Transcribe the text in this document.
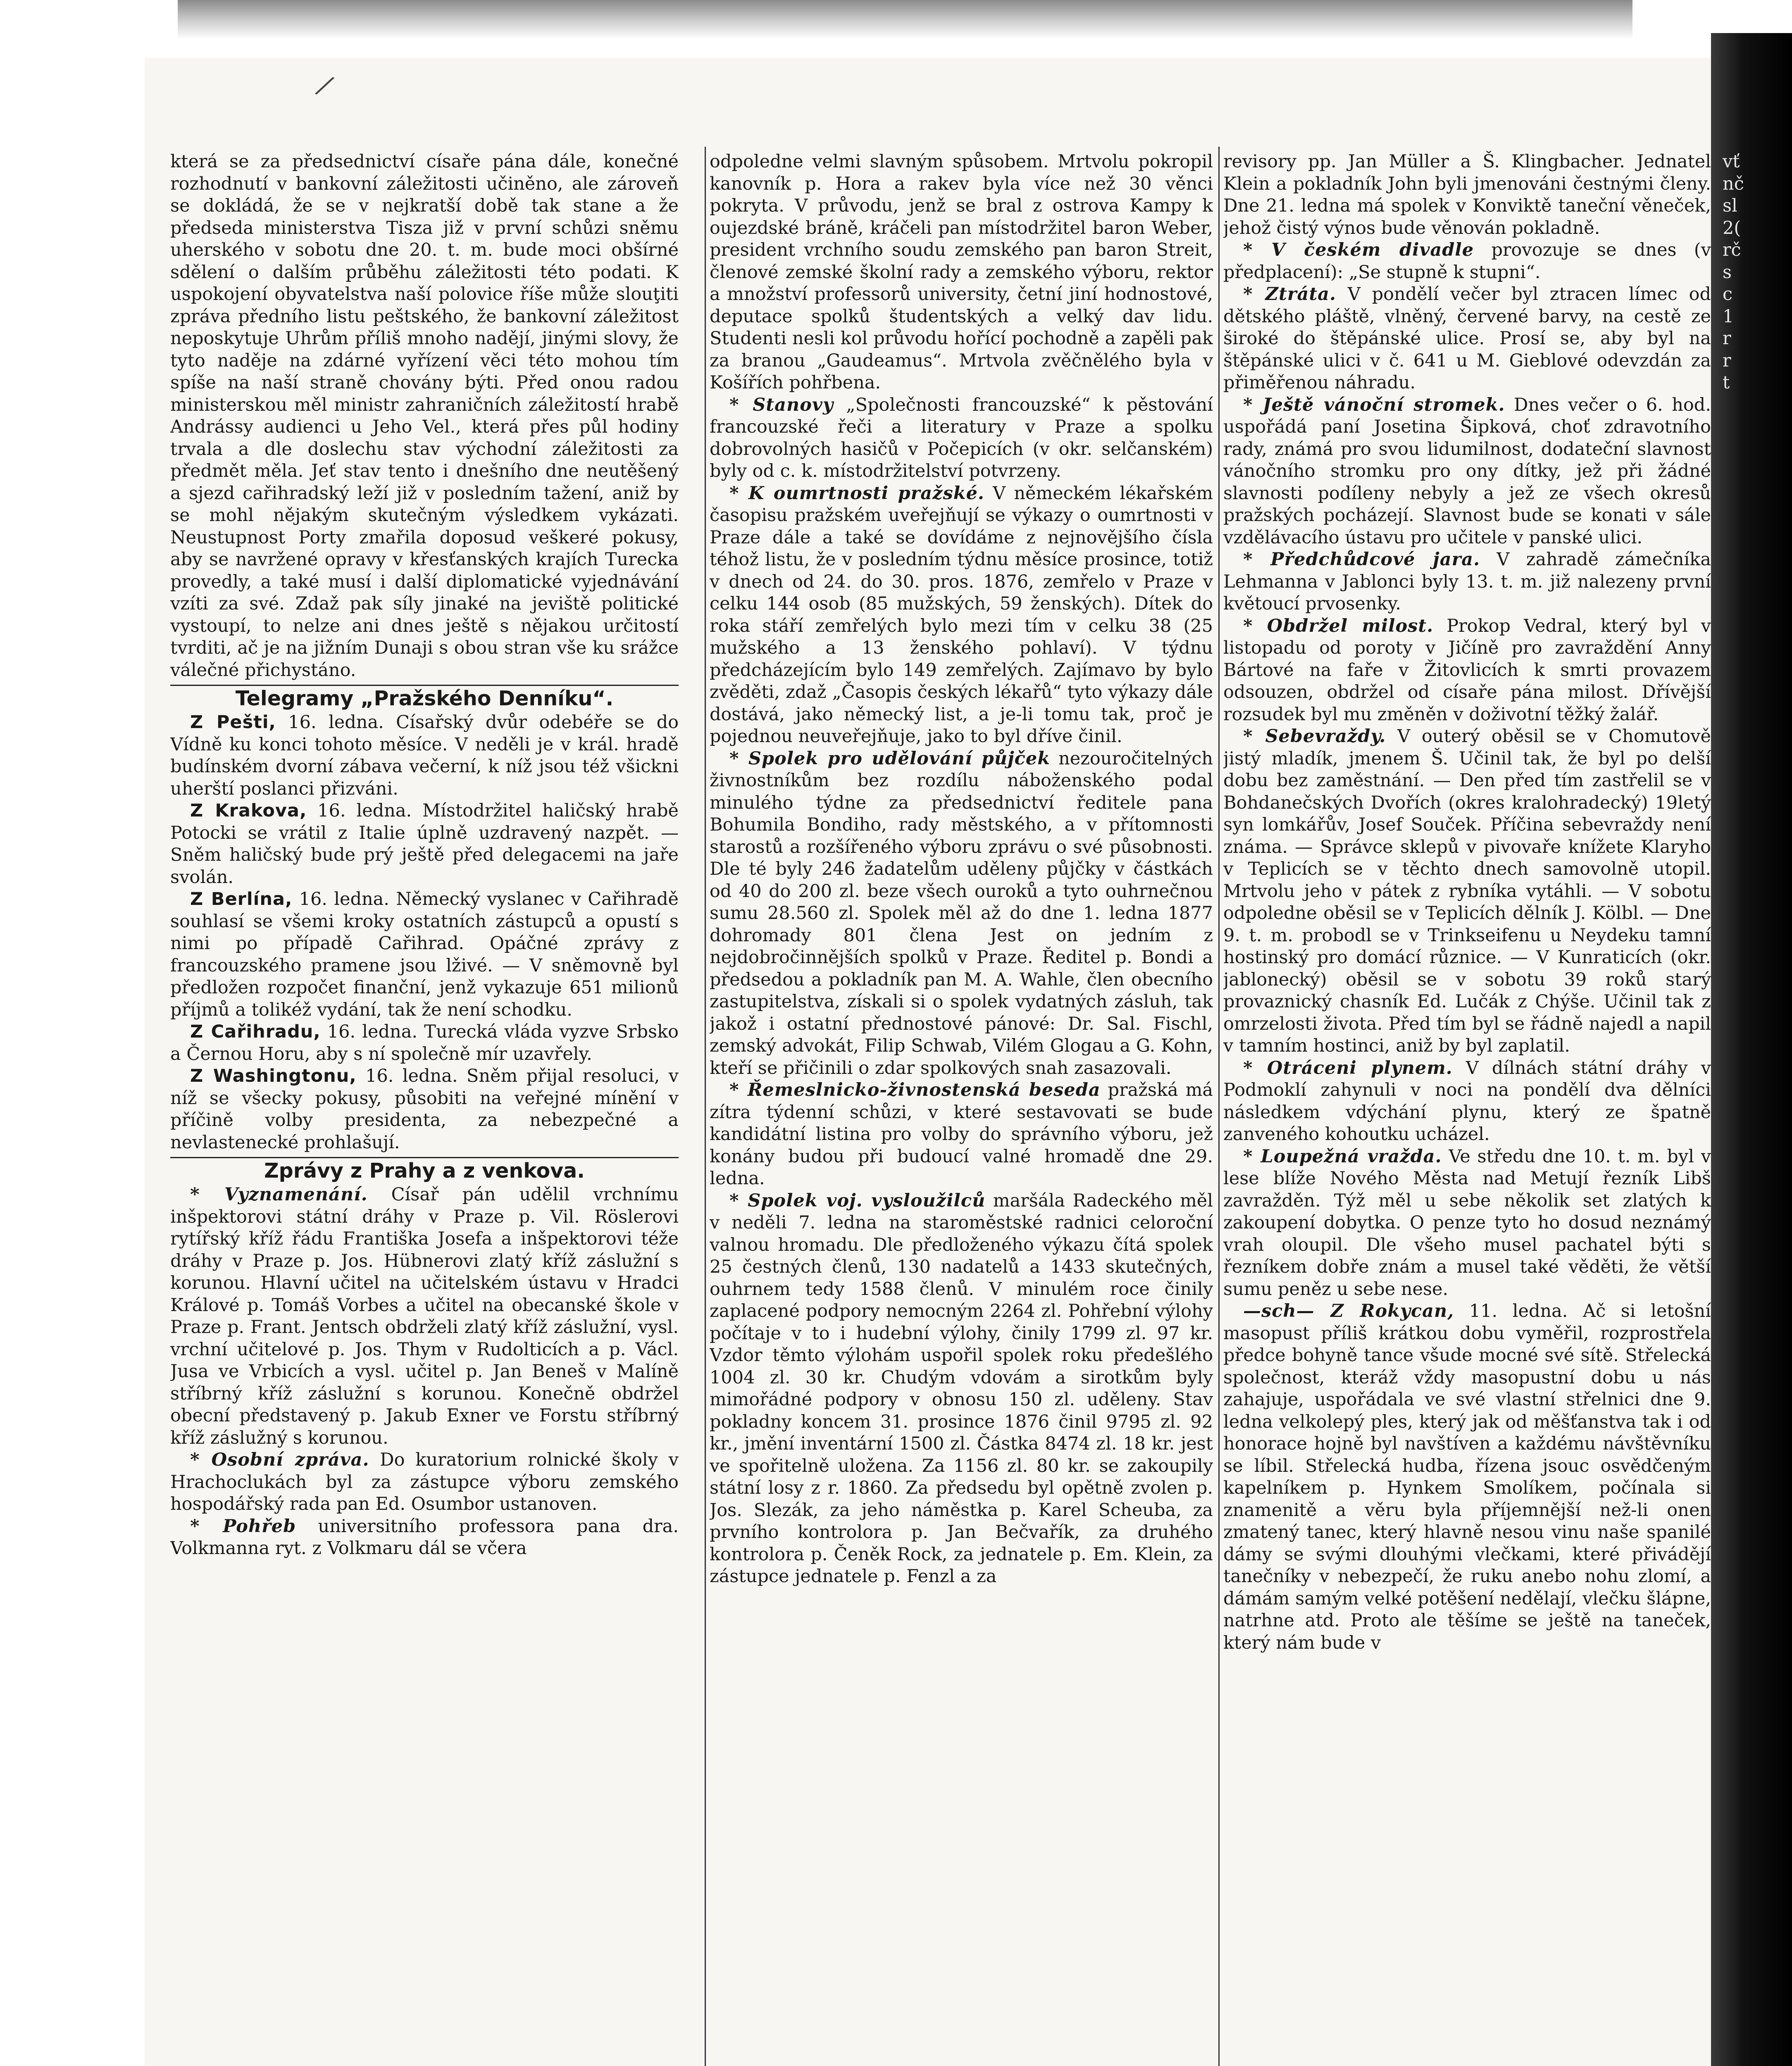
/

která se za předsednictví císaře pána dále, konečné rozhodnutí v bankovní záležitosti učiněno, ale zároveň se dokládá, že se v nejkratší době tak stane a že předseda ministerstva Tisza již v první schůzi sněmu uherského v sobotu dne 20. t. m. bude moci obšírné sdělení o dalším průběhu záležitosti této podati. K uspokojení obyvatelstva naší polovice říše může slouţiti zpráva předního listu peštského, že bankovní záležitost neposkytuje Uhrům příliš mnoho nadějí, jinými slovy, že tyto naděje na zdárné vyřízení věci této mohou tím spíše na naší straně chovány býti. Před onou radou ministerskou měl ministr zahraničních záležitostí hrabě Andrássy audienci u Jeho Vel., která přes půl hodiny trvala a dle doslechu stav východní záležitosti za předmět měla. Jeť stav tento i dnešního dne neutěšený a sjezd cařihradský leží již v posledním tažení, aniž by se mohl nějakým skutečným výsledkem vykázati. Neustupnost Porty zmařila doposud veškeré pokusy, aby se navržené opravy v křesťanských krajích Turecka provedly, a také musí i další diplomatické vyjednávání vzíti za své. Zdaž pak síly jinaké na jeviště politické vystoupí, to nelze ani dnes ještě s nějakou určitostí tvrditi, ač je na jižním Dunaji s obou stran vše ku srážce válečné přichystáno.

Telegramy „Pražského Denníku“.

Z Pešti, 16. ledna. Císařský dvůr odebéře se do Vídně ku konci tohoto měsíce. V neděli je v král. hradě budínském dvorní zábava večerní, k níž jsou též všickni uherští poslanci přizváni.

Z Krakova, 16. ledna. Místodržitel haličský hrabě Potocki se vrátil z Italie úplně uzdravený nazpět. — Sněm haličský bude prý ještě před delegacemi na jaře svolán.

Z Berlína, 16. ledna. Německý vyslanec v Cařihradě souhlasí se všemi kroky ostatních zástupců a opustí s nimi po případě Cařihrad. Opáčné zprávy z francouzského pramene jsou lživé. — V sněmovně byl předložen rozpočet finanční, jenž vykazuje 651 milionů příjmů a tolikéž vydání, tak že není schodku.

Z Cařihradu, 16. ledna. Turecká vláda vyzve Srbsko a Černou Horu, aby s ní společně mír uzavřely.

Z Washingtonu, 16. ledna. Sněm přijal resoluci, v níž se všecky pokusy, působiti na veřejné mínění v příčině volby presidenta, za nebezpečné a nevlastenecké prohlašují.

Zprávy z Prahy a z venkova.

* Vyznamenání. Císař pán udělil vrchnímu inšpektorovi státní dráhy v Praze p. Vil. Röslerovi rytířský kříž řádu Františka Josefa a inšpektorovi téže dráhy v Praze p. Jos. Hübnerovi zlatý kříž záslužní s korunou. Hlavní učitel na učitelském ústavu v Hradci Králové p. Tomáš Vorbes a učitel na obecanské škole v Praze p. Frant. Jentsch obdrželi zlatý kříž záslužní, vysl. vrchní učitelové p. Jos. Thym v Rudolticích a p. Václ. Jusa ve Vrbicích a vysl. učitel p. Jan Beneš v Malíně stříbrný kříž záslužní s korunou. Konečně obdržel obecní představený p. Jakub Exner ve Forstu stříbrný kříž záslužný s korunou.

* Osobní zpráva. Do kuratorium rolnické školy v Hrachoclukách byl za zástupce výboru zemského hospodářský rada pan Ed. Osumbor ustanoven.

* Pohřeb universitního professora pana dra. Volkmanna ryt. z Volkmaru dál se včera

odpoledne velmi slavným spůsobem. Mrtvolu pokropil kanovník p. Hora a rakev byla více než 30 věnci pokryta. V průvodu, jenž se bral z ostrova Kampy k oujezdské bráně, kráčeli pan místodržitel baron Weber, president vrchního soudu zemského pan baron Streit, členové zemské školní rady a zemského výboru, rektor a množství professorů university, četní jiní hodnostové, deputace spolků študentských a velký dav lidu. Studenti nesli kol průvodu hořící pochodně a zapěli pak za branou „Gaudeamus“. Mrtvola zvěčnělého byla v Košířích pohřbena.

* Stanovy „Společnosti francouzské“ k pěstování francouzské řeči a literatury v Praze a spolku dobrovolných hasičů v Počepicích (v okr. selčanském) byly od c. k. místodržitelství potvrzeny.

* K oumrtnosti pražské. V německém lékařském časopisu pražském uveřejňují se výkazy o oumrtnosti v Praze dále a také se dovídáme z nejnovějšího čísla téhož listu, že v posledním týdnu měsíce prosince, totiž v dnech od 24. do 30. pros. 1876, zemřelo v Praze v celku 144 osob (85 mužských, 59 ženských). Dítek do roka stáří zemřelých bylo mezi tím v celku 38 (25 mužského a 13 ženského pohlaví). V týdnu předcházejícím bylo 149 zemřelých. Zajímavo by bylo zvěděti, zdaž „Časopis českých lékařů“ tyto výkazy dále dostává, jako německý list, a je-li tomu tak, proč je pojednou neuveřejňuje, jako to byl dříve činil.

* Spolek pro udělování půjček nezouročitelných živnostníkům bez rozdílu náboženského podal minulého týdne za předsednictví ředitele pana Bohumila Bondiho, rady městského, a v přítomnosti starostů a rozšířeného výboru zprávu o své působnosti. Dle té byly 246 žadatelům uděleny půjčky v částkách od 40 do 200 zl. beze všech ouroků a tyto ouhrnečnou sumu 28.560 zl. Spolek měl až do dne 1. ledna 1877 dohromady 801 člena Jest on jedním z nejdobročinnějších spolků v Praze. Ředitel p. Bondi a předsedou a pokladník pan M. A. Wahle, člen obecního zastupitelstva, získali si o spolek vydatných zásluh, tak jakož i ostatní přednostové pánové: Dr. Sal. Fischl, zemský advokát, Filip Schwab, Vilém Glogau a G. Kohn, kteří se přičinili o zdar spolkových snah zasazovali.

* Řemeslnicko-živnostenská beseda pražská má zítra týdenní schůzi, v které sestavovati se bude kandidátní listina pro volby do správního výboru, jež konány budou při budoucí valné hromadě dne 29. ledna.

* Spolek voj. vysloužilců maršála Radeckého měl v neděli 7. ledna na staroměstské radnici celoroční valnou hromadu. Dle předloženého výkazu čítá spolek 25 čestných členů, 130 nadatelů a 1433 skutečných, ouhrnem tedy 1588 členů. V minulém roce činily zaplacené podpory nemocným 2264 zl. Pohřební výlohy počítaje v to i hudební výlohy, činily 1799 zl. 97 kr. Vzdor těmto výlohám uspořil spolek roku předešlého 1004 zl. 30 kr. Chudým vdovám a sirotkům byly mimořádné podpory v obnosu 150 zl. uděleny. Stav pokladny koncem 31. prosince 1876 činil 9795 zl. 92 kr., jmění inventární 1500 zl. Částka 8474 zl. 18 kr. jest ve spořitelně uložena. Za 1156 zl. 80 kr. se zakoupily státní losy z r. 1860. Za předsedu byl opětně zvolen p. Jos. Slezák, za jeho náměstka p. Karel Scheuba, za prvního kontrolora p. Jan Bečvařík, za druhého kontrolora p. Čeněk Rock, za jednatele p. Em. Klein, za zástupce jednatele p. Fenzl a za

revisory pp. Jan Müller a Š. Klingbacher. Jednatel Klein a pokladník John byli jmenováni čestnými členy. Dne 21. ledna má spolek v Konviktě taneční věneček, jehož čistý výnos bude věnován pokladně.

* V českém divadle provozuje se dnes (v předplacení): „Se stupně k stupni“.

* Ztráta. V pondělí večer byl ztracen límec od dětského pláště, vlněný, červené barvy, na cestě ze široké do štěpánské ulice. Prosí se, aby byl na štěpánské ulici v č. 641 u M. Gieblové odevzdán za přiměřenou náhradu.

* Ještě vánoční stromek. Dnes večer o 6. hod. uspořádá paní Josetina Šipková, choť zdravotního rady, známá pro svou lidumilnost, dodateční slavnost vánočního stromku pro ony dítky, jež při žádné slavnosti podíleny nebyly a jež ze všech okresů pražských pocházejí. Slavnost bude se konati v sále vzdělávacího ústavu pro učitele v panské ulici.

* Předchůdcové jara. V zahradě zámečníka Lehmanna v Jablonci byly 13. t. m. již nalezeny první květoucí prvosenky.

* Obdržel milost. Prokop Vedral, který byl v listopadu od poroty v Jičíně pro zavraždění Anny Bártové na faře v Žitovlicích k smrti provazem odsouzen, obdržel od císaře pána milost. Dřívější rozsudek byl mu změněn v doživotní těžký žalář.

* Sebevraždy. V outerý oběsil se v Chomutově jistý mladík, jmenem Š. Učinil tak, že byl po delší dobu bez zaměstnání. — Den před tím zastřelil se v Bohdanečských Dvořích (okres kralohradecký) 19letý syn lomkářův, Josef Souček. Příčina sebevraždy není známa. — Správce sklepů v pivovaře knížete Klaryho v Teplicích se v těchto dnech samovolně utopil. Mrtvolu jeho v pátek z rybníka vytáhli. — V sobotu odpoledne oběsil se v Teplicích dělník J. Kölbl. — Dne 9. t. m. probodl se v Trinkseifenu u Neydeku tamní hostinský pro domácí různice. — V Kunraticích (okr. jablonecký) oběsil se v sobotu 39 roků starý provaznický chasník Ed. Lučák z Chýše. Učinil tak z omrzelosti života. Před tím byl se řádně najedl a napil v tamním hostinci, aniž by byl zaplatil.

* Otráceni plynem. V dílnách státní dráhy v Podmoklí zahynuli v noci na pondělí dva dělníci následkem vdýchání plynu, který ze špatně zanveného kohoutku ucházel.

* Loupežná vražda. Ve středu dne 10. t. m. byl v lese blíže Nového Města nad Metují řezník Libš zavražděn. Týž měl u sebe několik set zlatých k zakoupení dobytka. O penze tyto ho dosud neznámý vrah oloupil. Dle všeho musel pachatel býti s řezníkem dobře znám a musel také věděti, že větší sumu peněz u sebe nese.

—sch— Z Rokycan, 11. ledna. Ač si letošní masopust příliš krátkou dobu vyměřil, rozprostřela předce bohyně tance všude mocné své sítě. Střelecká společnost, kteráž vždy masopustní dobu u nás zahajuje, uspořádala ve své vlastní střelnici dne 9. ledna velkolepý ples, který jak od měšťanstva tak i od honorace hojně byl navštíven a každému návštěvníku se líbil. Střelecká hudba, řízena jsouc osvědčeným kapelníkem p. Hynkem Smolíkem, počínala si znamenitě a věru byla příjemnější než-li onen zmatený tanec, který hlavně nesou vinu naše spanilé dámy se svými dlouhými vlečkami, které přivádějí tanečníky v nebezpečí, že ruku anebo nohu zlomí, a dámám samým velké potěšení nedělají, vlečku šlápne, natrhne atd. Proto ale těšíme se ještě na taneček, který nám bude v

vť
nč
sl
2(
rč
s
c
1
r
r
t
